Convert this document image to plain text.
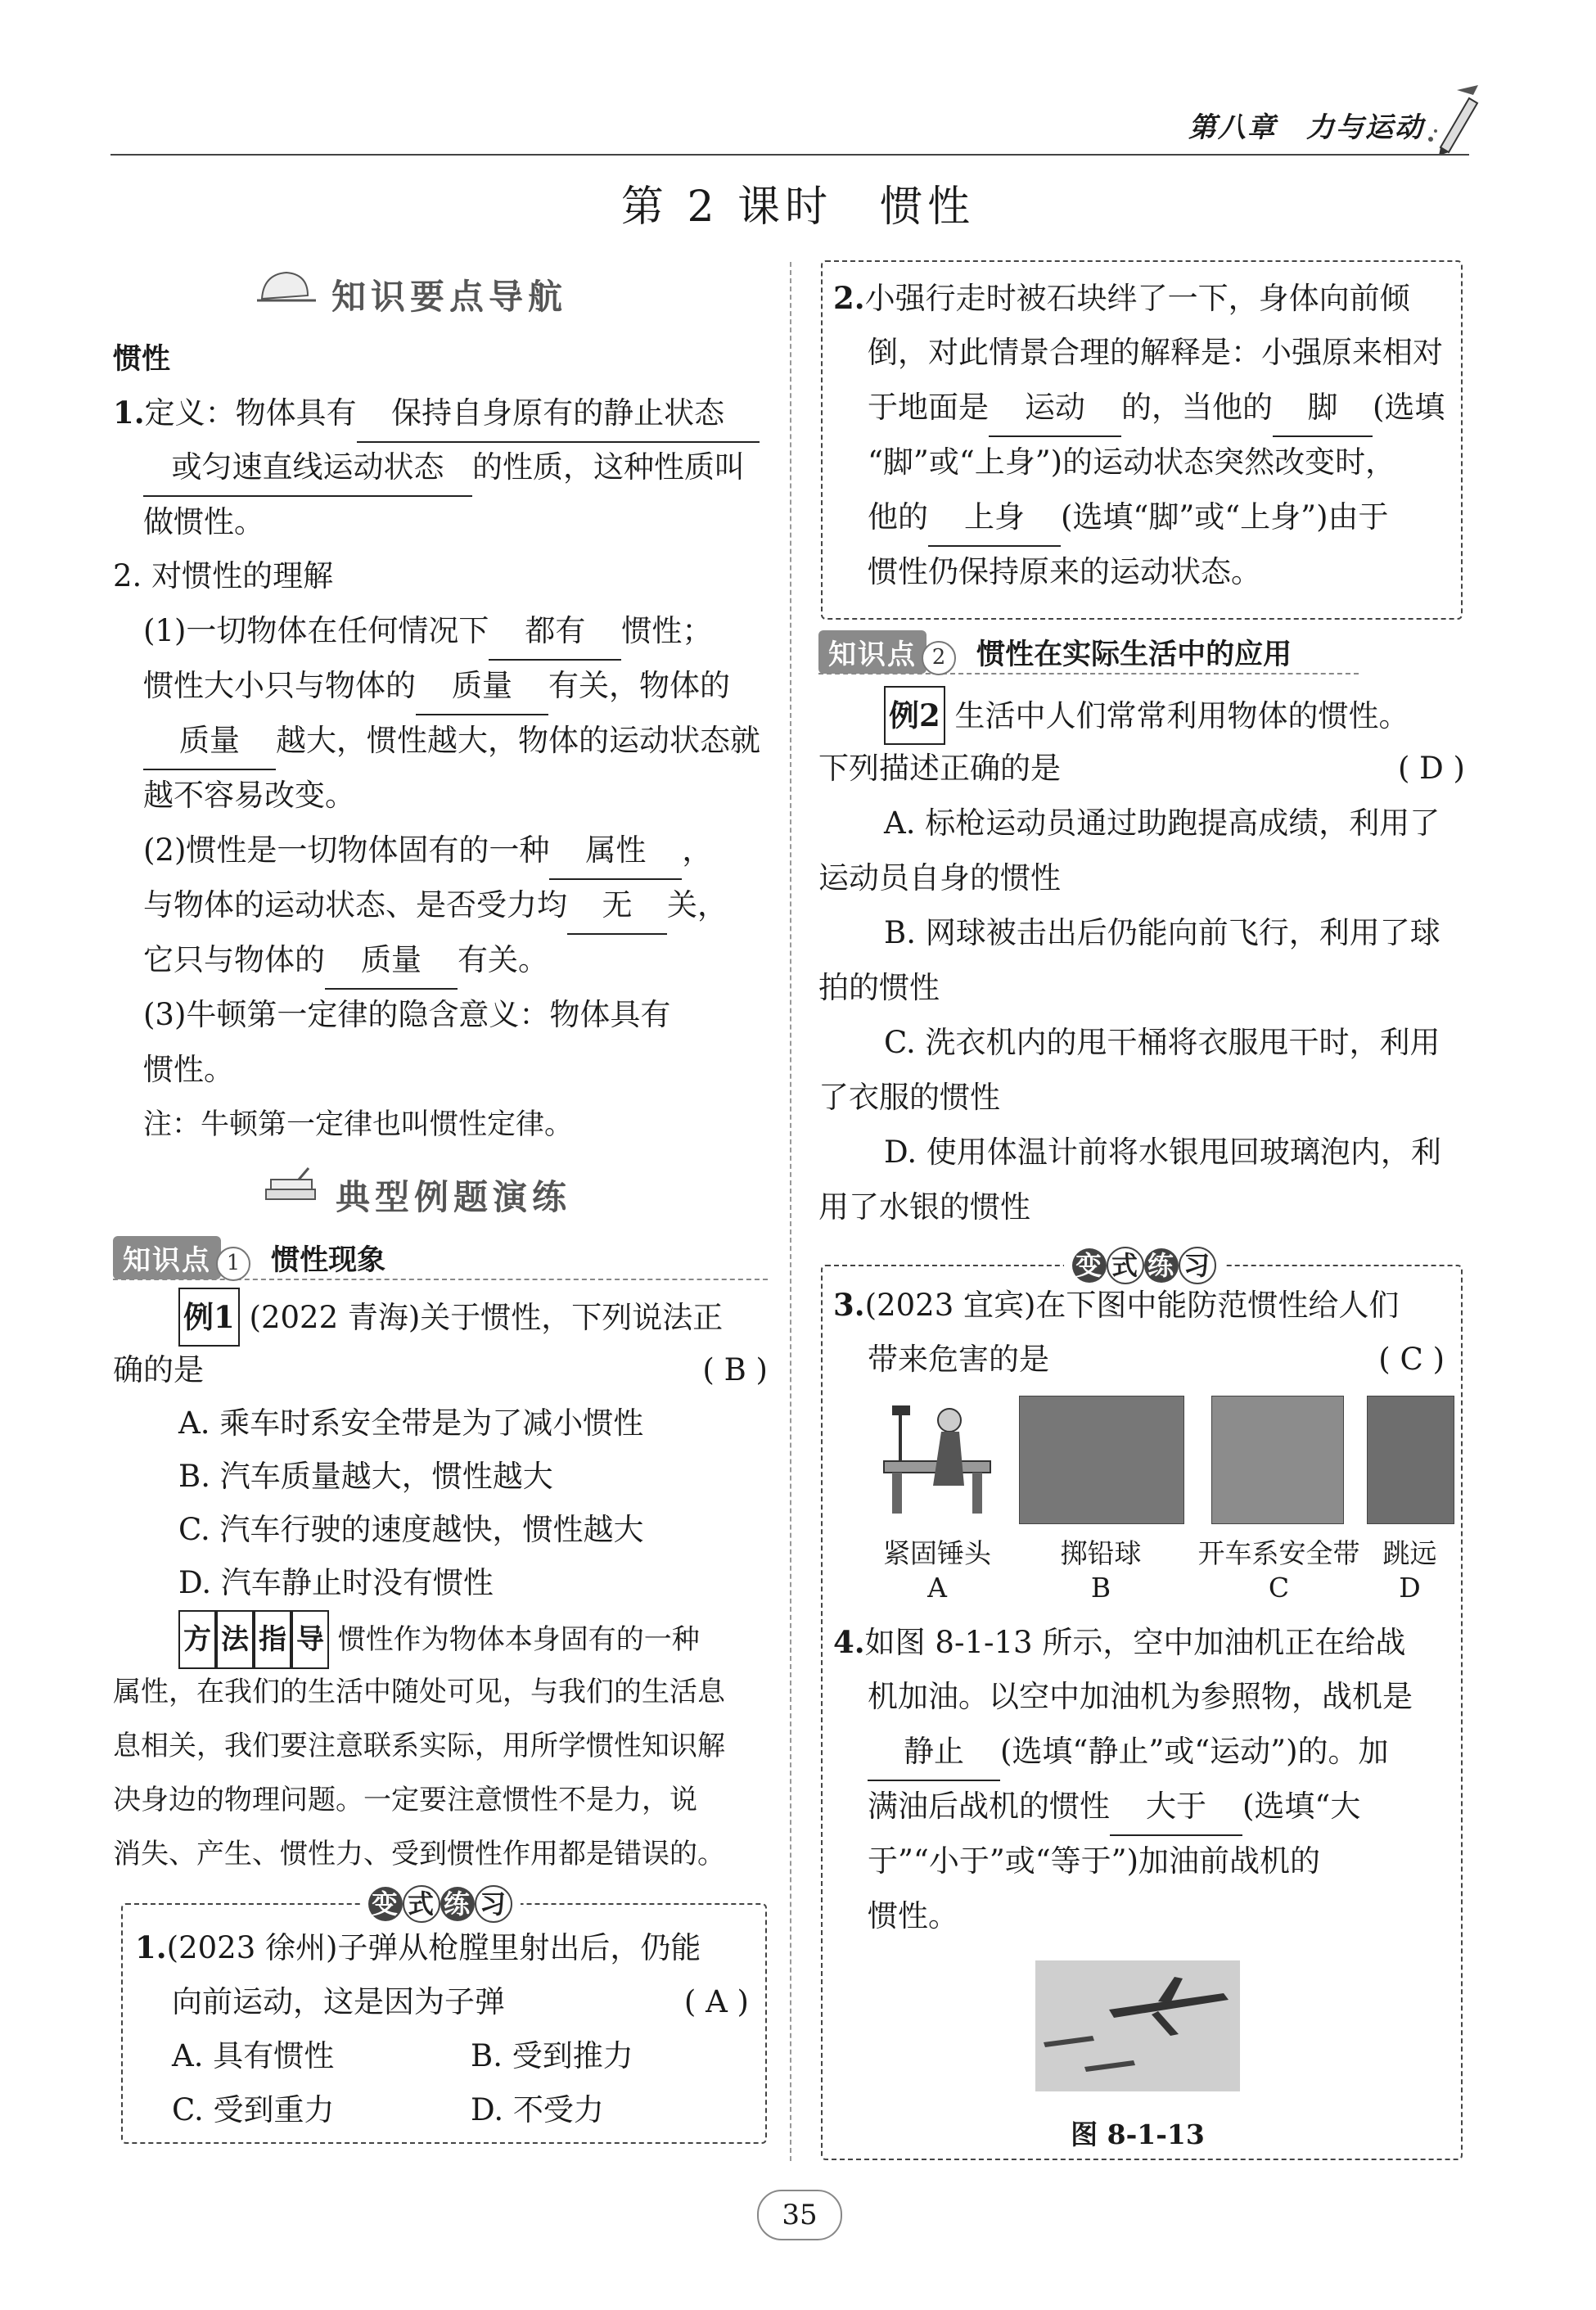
第八章　力与运动
第 2 课时　惯性
知识要点导航
惯性
1.定义：物体具有 保持自身原有的静止状态
或匀速直线运动状态 的性质，这种性质叫
做惯性。
2. 对惯性的理解
(1)一切物体在任何情况下 都有 惯性；
惯性大小只与物体的 质量 有关，物体的
质量 越大，惯性越大，物体的运动状态就
越不容易改变。
(2)惯性是一切物体固有的一种 属性 ，
与物体的运动状态、是否受力均 无 关，
它只与物体的 质量 有关。
(3)牛顿第一定律的隐含意义：物体具有
惯性。
注：牛顿第一定律也叫惯性定律。
典型例题演练
知识点 1 惯性现象
例1 (2022 青海)关于惯性，下列说法正
确的是	( B )
A. 乘车时系安全带是为了减小惯性
B. 汽车质量越大，惯性越大
C. 汽车行驶的速度越快，惯性越大
D. 汽车静止时没有惯性
方 法 指 导 惯性作为物体本身固有的一种
属性，在我们的生活中随处可见，与我们的生活息
息相关，我们要注意联系实际，用所学惯性知识解
决身边的物理问题。一定要注意惯性不是力，说
消失、产生、惯性力、受到惯性作用都是错误的。
变 式 练 习
1.(2023 徐州)子弹从枪膛里射出后，仍能
向前运动，这是因为子弹	( A )
A. 具有惯性	B. 受到推力
C. 受到重力	D. 不受力
2.小强行走时被石块绊了一下，身体向前倾
倒，对此情景合理的解释是：小强原来相对
于地面是 运动 的，当他的 脚 (选填
“脚”或“上身”)的运动状态突然改变时，
他的 上身 (选填“脚”或“上身”)由于
惯性仍保持原来的运动状态。
知识点 2 惯性在实际生活中的应用
例2 生活中人们常常利用物体的惯性。
下列描述正确的是	( D )
A. 标枪运动员通过助跑提高成绩，利用了
运动员自身的惯性
B. 网球被击出后仍能向前飞行，利用了球
拍的惯性
C. 洗衣机内的甩干桶将衣服甩干时，利用
了衣服的惯性
D. 使用体温计前将水银甩回玻璃泡内，利
用了水银的惯性
变 式 练 习
3.(2023 宜宾)在下图中能防范惯性给人们
带来危害的是	( C )
紧固锤头	掷铅球	开车系安全带 跳远
A	B	C	D
4.如图 8-1-13 所示，空中加油机正在给战
机加油。以空中加油机为参照物，战机是
静止 (选填“静止”或“运动”)的。加
满油后战机的惯性 大于 (选填“大
于”“小于”或“等于”)加油前战机的
惯性。
图 8-1-13
35
